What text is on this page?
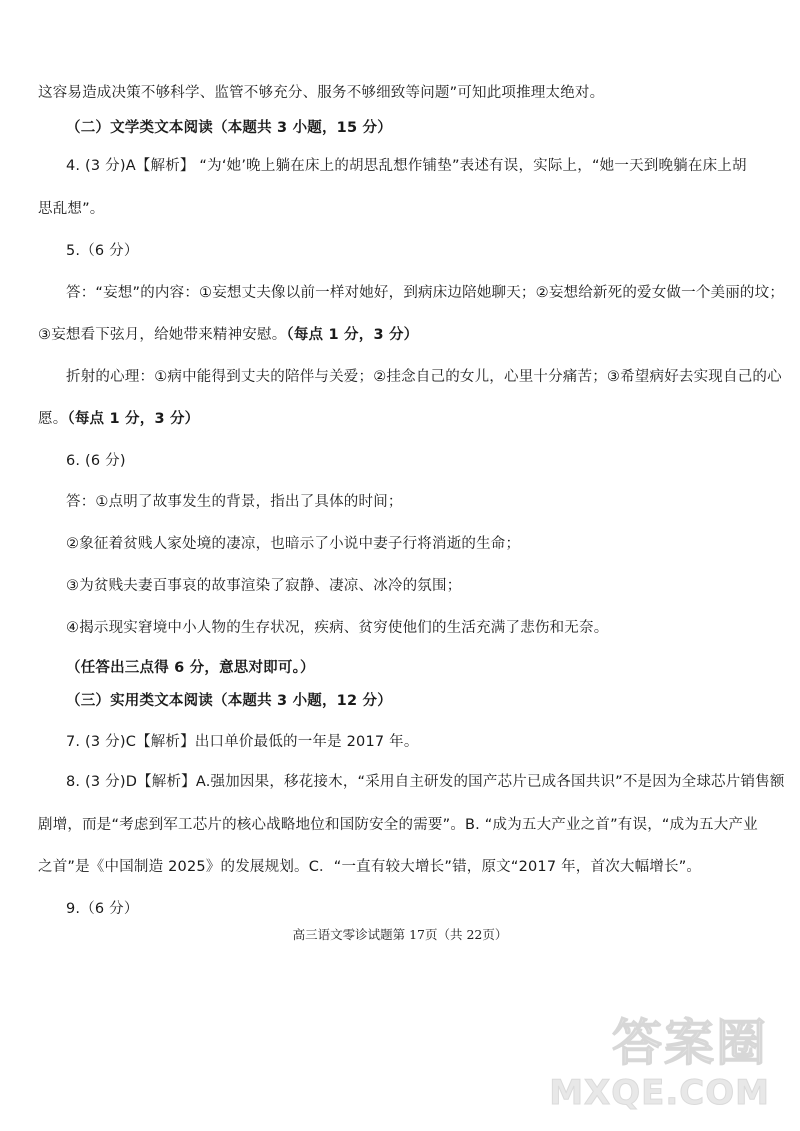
这容易造成决策不够科学、监管不够充分、服务不够细致等问题”可知此项推理太绝对。
（二）文学类文本阅读（本题共 3 小题，15 分）
4. (3 分)A【解析】 “为‘她’晚上躺在床上的胡思乱想作铺垫”表述有误，实际上，“她一天到晚躺在床上胡
思乱想”。
5.（6 分）
答：“妄想”的内容：①妄想丈夫像以前一样对她好，到病床边陪她聊天；②妄想给新死的爱女做一个美丽的坟；
③妄想看下弦月，给她带来精神安慰。（每点 1 分，3 分）
折射的心理：①病中能得到丈夫的陪伴与关爱；②挂念自己的女儿，心里十分痛苦；③希望病好去实现自己的心
愿。（每点 1 分，3 分）
6. (6 分)
答：①点明了故事发生的背景，指出了具体的时间；
②象征着贫贱人家处境的凄凉，也暗示了小说中妻子行将消逝的生命；
③为贫贱夫妻百事哀的故事渲染了寂静、凄凉、冰冷的氛围；
④揭示现实窘境中小人物的生存状况，疾病、贫穷使他们的生活充满了悲伤和无奈。
（任答出三点得 6 分，意思对即可。）
（三）实用类文本阅读（本题共 3 小题，12 分）
7. (3 分)C【解析】出口单价最低的一年是 2017 年。
8. (3 分)D【解析】A.强加因果，移花接木，“采用自主研发的国产芯片已成各国共识”不是因为全球芯片销售额
剧增，而是“考虑到军工芯片的核心战略地位和国防安全的需要”。B. “成为五大产业之首”有误，“成为五大产业
之首”是《中国制造 2025》的发展规划。C．“一直有较大增长”错，原文“2017 年，首次大幅增长”。
9.（6 分）
高三语文零诊试题第 17页（共 22页）
答案圈
MXQE.COM
